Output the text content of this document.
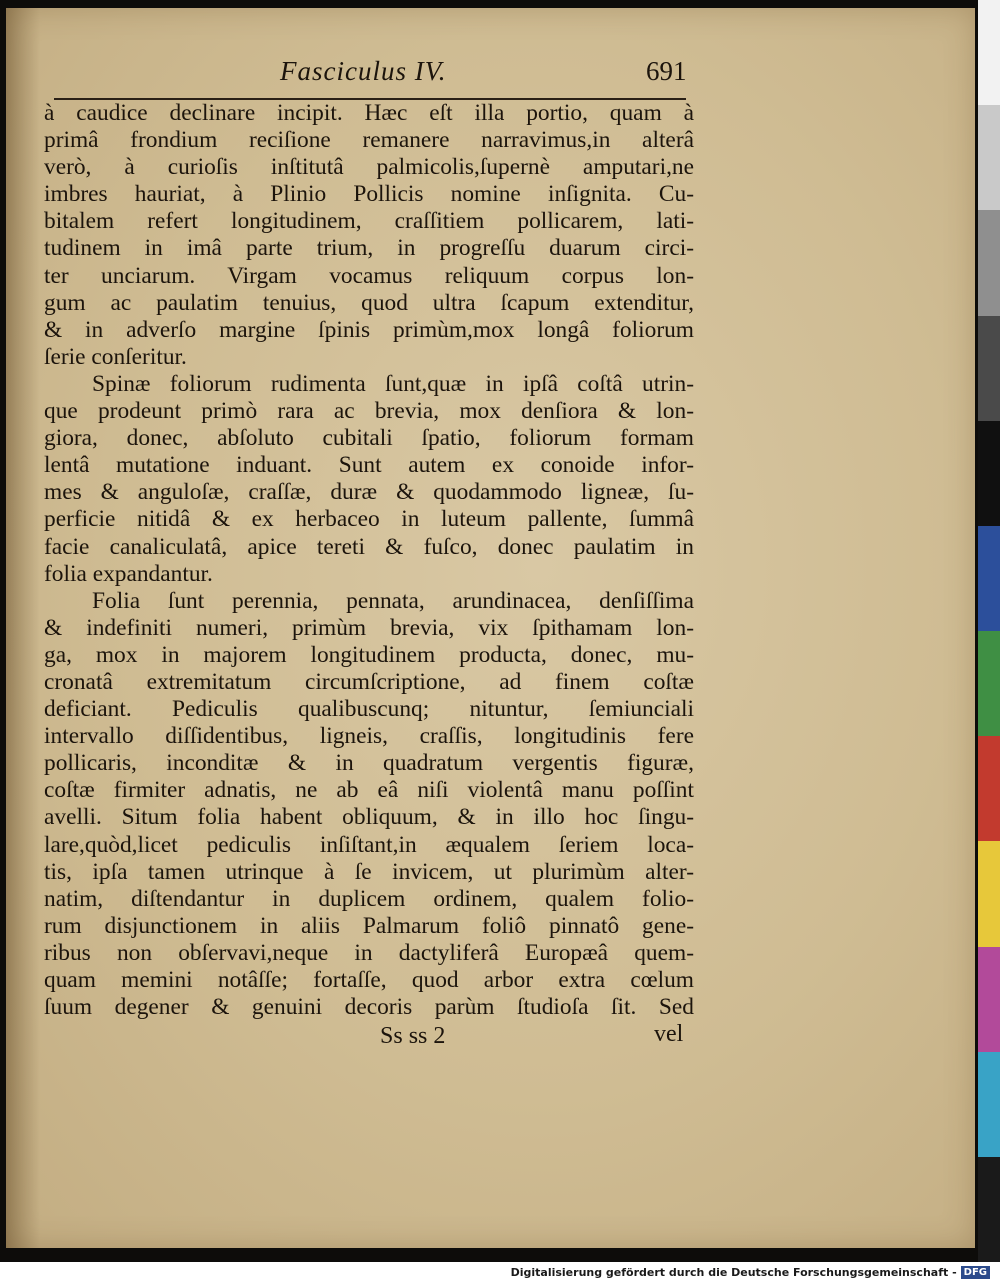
Fasciculus IV.	691
à caudice declinare incipit. Hæc eſt illa portio, quam à
primâ frondium reciſione remanere narravimus,in alterâ
verò, à curioſis inſtitutâ palmicolis,ſupernè amputari,ne
imbres hauriat, à Plinio Pollicis nomine inſignita. Cu-
bitalem refert longitudinem, craſſitiem pollicarem, lati-
tudinem in imâ parte trium, in progreſſu duarum circi-
ter unciarum. Virgam vocamus reliquum corpus lon-
gum ac paulatim tenuius, quod ultra ſcapum extenditur,
& in adverſo margine ſpinis primùm,mox longâ foliorum
ſerie conſeritur.
Spinæ foliorum rudimenta ſunt,quæ in ipſâ coſtâ utrin-
que prodeunt primò rara ac brevia, mox denſiora & lon-
giora, donec, abſoluto cubitali ſpatio, foliorum formam
lentâ mutatione induant. Sunt autem ex conoide infor-
mes & anguloſæ, craſſæ, duræ & quodammodo ligneæ, ſu-
perficie nitidâ & ex herbaceo in luteum pallente, ſummâ
facie canaliculatâ, apice tereti & fuſco, donec paulatim in
folia expandantur.
Folia ſunt perennia, pennata, arundinacea, denſiſſima
& indefiniti numeri, primùm brevia, vix ſpithamam lon-
ga, mox in majorem longitudinem producta, donec, mu-
cronatâ extremitatum circumſcriptione, ad finem coſtæ
deficiant. Pediculis qualibuscunq; nituntur, ſemiunciali
intervallo diſſidentibus, ligneis, craſſis, longitudinis fere
pollicaris, inconditæ & in quadratum vergentis figuræ,
coſtæ firmiter adnatis, ne ab eâ niſi violentâ manu poſſint
avelli. Situm folia habent obliquum, & in illo hoc ſingu-
lare,quòd,licet pediculis inſiſtant,in æqualem ſeriem loca-
tis, ipſa tamen utrinque à ſe invicem, ut plurimùm alter-
natim, diſtendantur in duplicem ordinem, qualem folio-
rum disjunctionem in aliis Palmarum foliô pinnatô gene-
ribus non obſervavi,neque in dactyliferâ Europæâ quem-
quam memini notâſſe; fortaſſe, quod arbor extra cœlum
ſuum degener & genuini decoris parùm ſtudioſa ſit. Sed
Ss ss 2	vel
Digitalisierung gefördert durch die Deutsche Forschungsgemeinschaft - DFG
